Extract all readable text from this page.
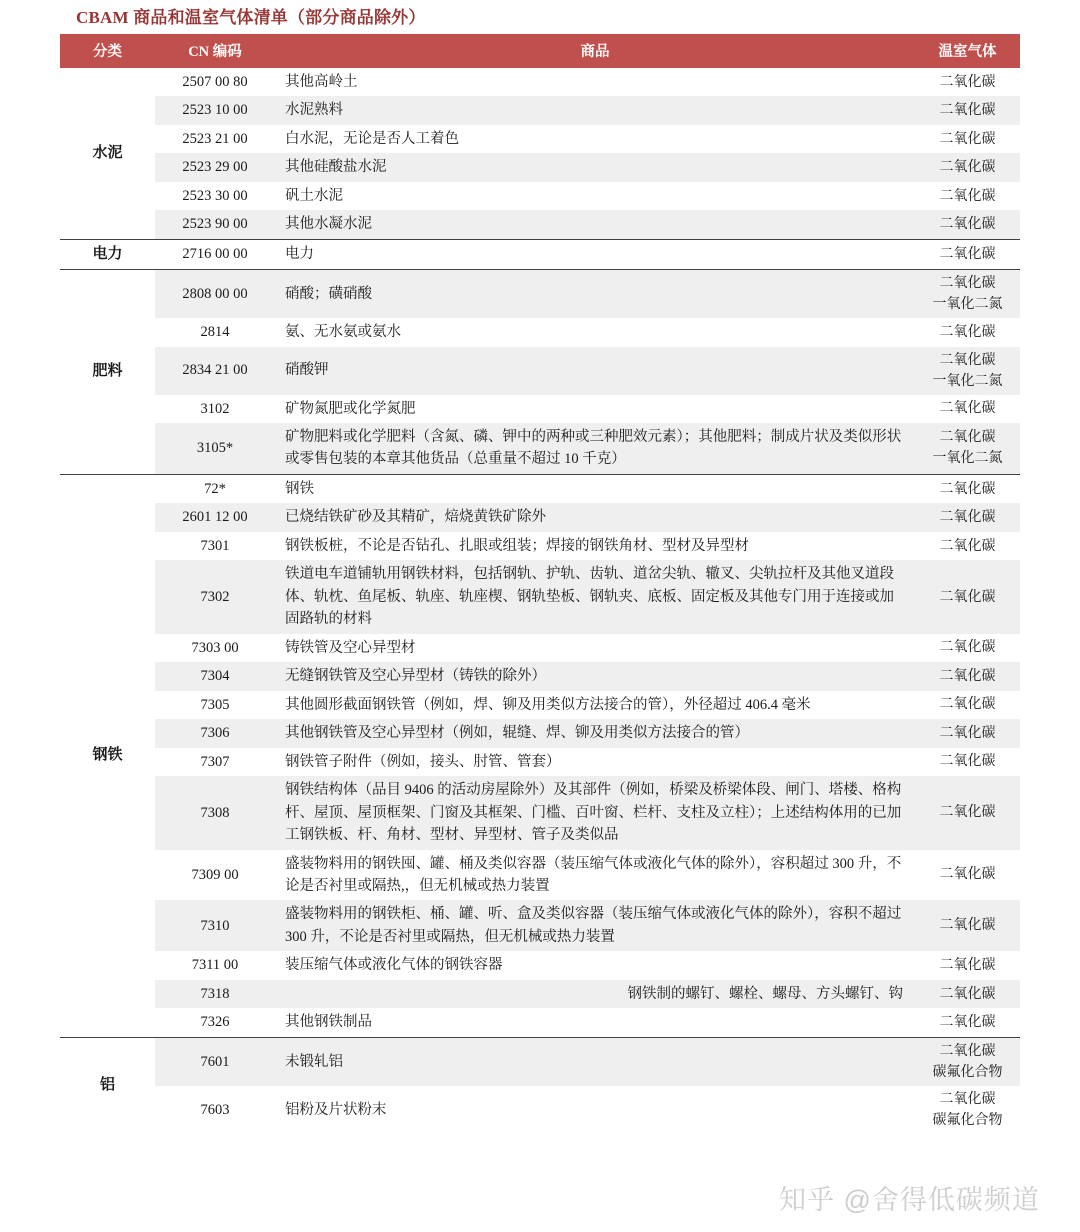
CBAM 商品和温室气体清单（部分商品除外）
分类	CN 编码	商品	温室气体
水泥	2507 00 80	其他高岭土	二氧化碳

	2523 10 00	水泥熟料	二氧化碳

	2523 21 00	白水泥，无论是否人工着色	二氧化碳

	2523 29 00	其他硅酸盐水泥	二氧化碳

	2523 30 00	矾土水泥	二氧化碳

	2523 90 00	其他水凝水泥	二氧化碳

电力	2716 00 00	电力	二氧化碳

肥料	2808 00 00	硝酸；磺硝酸	二氧化碳
一氧化二氮

	2814	氨、无水氨或氨水	二氧化碳

	2834 21 00	硝酸钾	二氧化碳
一氧化二氮

	3102	矿物氮肥或化学氮肥	二氧化碳

	3105*	矿物肥料或化学肥料（含氮、磷、钾中的两种或三种肥效元素）；其他肥料；制成片状及类似形状或零售包装的本章其他货品（总重量不超过 10 千克）	二氧化碳
一氧化二氮

钢铁	72*	钢铁	二氧化碳

	2601 12 00	已烧结铁矿砂及其精矿，焙烧黄铁矿除外	二氧化碳

	7301	钢铁板桩，不论是否钻孔、扎眼或组装；焊接的钢铁角材、型材及异型材	二氧化碳

	7302	铁道电车道铺轨用钢铁材料，包括钢轨、护轨、齿轨、道岔尖轨、辙叉、尖轨拉杆及其他叉道段体、轨枕、鱼尾板、轨座、轨座楔、钢轨垫板、钢轨夹、底板、固定板及其他专门用于连接或加固路轨的材料	二氧化碳

	7303 00	铸铁管及空心异型材	二氧化碳

	7304	无缝钢铁管及空心异型材（铸铁的除外）	二氧化碳

	7305	其他圆形截面钢铁管（例如，焊、铆及用类似方法接合的管），外径超过 406.4 毫米	二氧化碳

	7306	其他钢铁管及空心异型材（例如，辊缝、焊、铆及用类似方法接合的管）	二氧化碳

	7307	钢铁管子附件（例如，接头、肘管、管套）	二氧化碳

	7308	钢铁结构体（品目 9406 的活动房屋除外）及其部件（例如，桥梁及桥梁体段、闸门、塔楼、格构杆、屋顶、屋顶框架、门窗及其框架、门槛、百叶窗、栏杆、支柱及立柱）；上述结构体用的已加工钢铁板、杆、角材、型材、异型材、管子及类似品	二氧化碳

	7309 00	盛装物料用的钢铁囤、罐、桶及类似容器（装压缩气体或液化气体的除外），容积超过 300 升，不论是否衬里或隔热,，但无机械或热力装置	二氧化碳

	7310	盛装物料用的钢铁柜、桶、罐、听、盒及类似容器（装压缩气体或液化气体的除外），容积不超过 300 升，不论是否衬里或隔热，但无机械或热力装置	二氧化碳

	7311 00	装压缩气体或液化气体的钢铁容器	二氧化碳

	7318	钢铁制的螺钉、螺栓、螺母、方头螺钉、钩	二氧化碳

	7326	其他钢铁制品	二氧化碳

铝	7601	未锻轧铝	二氧化碳
碳氟化合物

	7603	铝粉及片状粉末	二氧化碳
碳氟化合物
知乎 @舍得低碳频道
